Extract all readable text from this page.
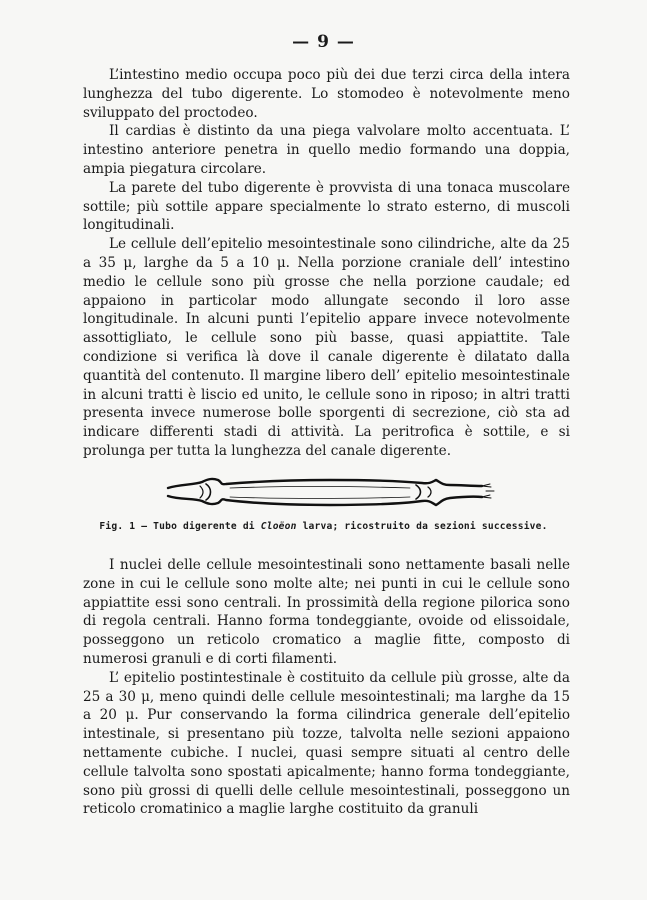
— 9 —

L’intestino medio occupa poco più dei due terzi circa della intera lunghezza del tubo digerente. Lo stomodeo è notevolmente meno sviluppato del proctodeo.

Il cardias è distinto da una piega valvolare molto accentuata. L’ intestino anteriore penetra in quello medio formando una doppia, ampia piegatura circolare.

La parete del tubo digerente è provvista di una tonaca muscolare sottile; più sottile appare specialmente lo strato esterno, di muscoli longitudinali.

Le cellule dell’epitelio mesointestinale sono cilindriche, alte da 25 a 35 μ, larghe da 5 a 10 μ. Nella porzione craniale dell’ intestino medio le cellule sono più grosse che nella porzione caudale; ed appaiono in particolar modo allungate secondo il loro asse longitudinale. In alcuni punti l’epitelio appare invece notevolmente assottigliato, le cellule sono più basse, quasi appiattite. Tale condizione si verifica là dove il canale digerente è dilatato dalla quantità del contenuto. Il margine libero dell’ epitelio mesointestinale in alcuni tratti è liscio ed unito, le cellule sono in riposo; in altri tratti presenta invece numerose bolle sporgenti di secrezione, ciò sta ad indicare differenti stadi di attività. La peritrofica è sottile, e si prolunga per tutta la lunghezza del canale digerente.

Fig. 1 — Tubo digerente di Cloëon larva; ricostruito da sezioni successive.

I nuclei delle cellule mesointestinali sono nettamente basali nelle zone in cui le cellule sono molte alte; nei punti in cui le cellule sono appiattite essi sono centrali. In prossimità della regione pilorica sono di regola centrali. Hanno forma tondeggiante, ovoide od elissoidale, posseggono un reticolo cromatico a maglie fitte, composto di numerosi granuli e di corti filamenti.

L’ epitelio postintestinale è costituito da cellule più grosse, alte da 25 a 30 μ, meno quindi delle cellule mesointestinali; ma larghe da 15 a 20 μ. Pur conservando la forma cilindrica generale dell’epitelio intestinale, si presentano più tozze, talvolta nelle sezioni appaiono nettamente cubiche. I nuclei, quasi sempre situati al centro delle cellule talvolta sono spostati apicalmente; hanno forma tondeggiante, sono più grossi di quelli delle cellule mesointestinali, posseggono un reticolo cromatinico a maglie larghe costituito da granuli
